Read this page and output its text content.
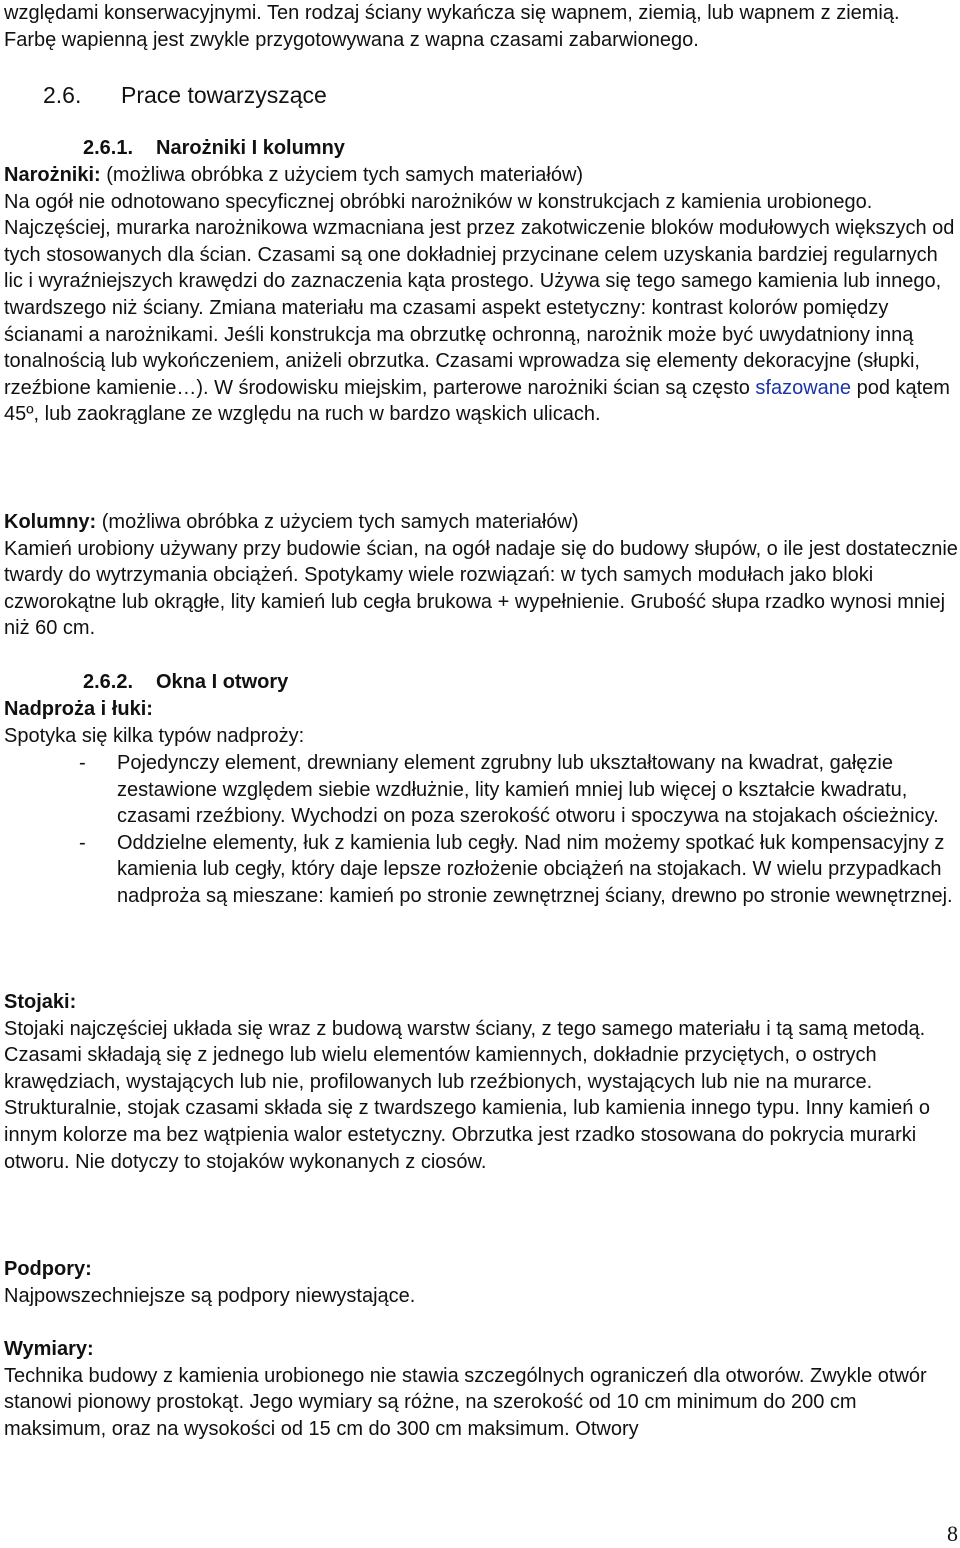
względami konserwacyjnymi. Ten rodzaj ściany wykańcza się wapnem, ziemią, lub wapnem z ziemią. Farbę wapienną jest zwykle przygotowywana z wapna czasami zabarwionego.

2.6. Prace towarzyszące
2.6.1. Narożniki I kolumny

Narożniki: (możliwa obróbka z użyciem tych samych materiałów)

Na ogół nie odnotowano specyficznej obróbki narożników w konstrukcjach z kamienia urobionego. Najczęściej, murarka narożnikowa wzmacniana jest przez zakotwiczenie bloków modułowych większych od tych stosowanych dla ścian. Czasami są one dokładniej przycinane celem uzyskania bardziej regularnych lic i wyraźniejszych krawędzi do zaznaczenia kąta prostego. Używa się tego samego kamienia lub innego, twardszego niż ściany. Zmiana materiału ma czasami aspekt estetyczny: kontrast kolorów pomiędzy ścianami a narożnikami. Jeśli konstrukcja ma obrzutkę ochronną, narożnik może być uwydatniony inną tonalnością lub wykończeniem, aniżeli obrzutka. Czasami wprowadza się elementy dekoracyjne (słupki, rzeźbione kamienie…). W środowisku miejskim, parterowe narożniki ścian są często sfazowane pod kątem 45º, lub zaokrąglane ze względu na ruch w bardzo wąskich ulicach.

Kolumny: (możliwa obróbka z użyciem tych samych materiałów)

Kamień urobiony używany przy budowie ścian, na ogół nadaje się do budowy słupów, o ile jest dostatecznie twardy do wytrzymania obciążeń. Spotykamy wiele rozwiązań: w tych samych modułach jako bloki czworokątne lub okrągłe, lity kamień lub cegła brukowa + wypełnienie. Grubość słupa rzadko wynosi mniej niż 60 cm.

2.6.2. Okna I otwory

Nadproża i łuki:

Spotyka się kilka typów nadproży:

- Pojedynczy element, drewniany element zgrubny lub ukształtowany na kwadrat, gałęzie zestawione względem siebie wzdłużnie, lity kamień mniej lub więcej o kształcie kwadratu, czasami rzeźbiony. Wychodzi on poza szerokość otworu i spoczywa na stojakach ościeżnicy.

- Oddzielne elementy, łuk z kamienia lub cegły. Nad nim możemy spotkać łuk kompensacyjny z kamienia lub cegły, który daje lepsze rozłożenie obciążeń na stojakach. W wielu przypadkach nadproża są mieszane: kamień po stronie zewnętrznej ściany, drewno po stronie wewnętrznej.

Stojaki:

Stojaki najczęściej układa się wraz z budową warstw ściany, z tego samego materiału i tą samą metodą. Czasami składają się z jednego lub wielu elementów kamiennych, dokładnie przyciętych, o ostrych krawędziach, wystających lub nie, profilowanych lub rzeźbionych, wystających lub nie na murarce. Strukturalnie, stojak czasami składa się z twardszego kamienia, lub kamienia innego typu. Inny kamień o innym kolorze ma bez wątpienia walor estetyczny. Obrzutka jest rzadko stosowana do pokrycia murarki otworu. Nie dotyczy to stojaków wykonanych z ciosów.

Podpory:

Najpowszechniejsze są podpory niewystające.

Wymiary:

Technika budowy z kamienia urobionego nie stawia szczególnych ograniczeń dla otworów. Zwykle otwór stanowi pionowy prostokąt. Jego wymiary są różne, na szerokość od 10 cm minimum do 200 cm maksimum, oraz na wysokości od 15 cm do 300 cm maksimum. Otwory

8
